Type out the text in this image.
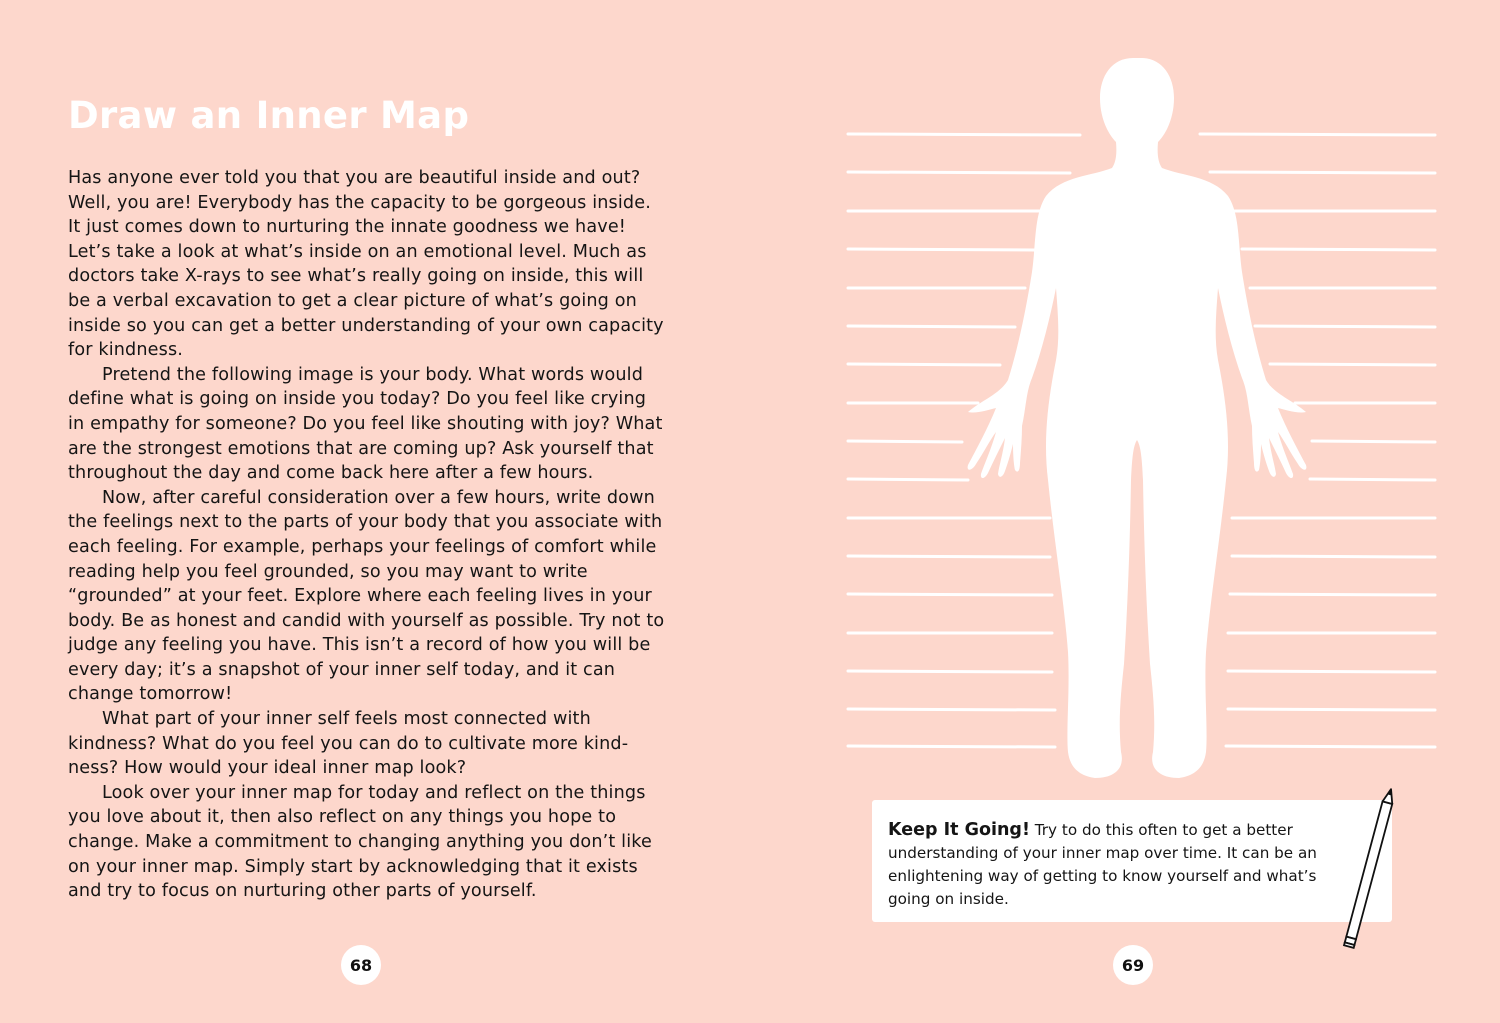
Draw an Inner Map

Has anyone ever told you that you are beautiful inside and out? Well, you are! Everybody has the capacity to be gorgeous inside. It just comes down to nurturing the innate goodness we have! Let’s take a look at what’s inside on an emotional level. Much as doctors take X-rays to see what’s really going on inside, this will be a verbal excavation to get a clear picture of what’s going on inside so you can get a better understanding of your own capacity for kindness.

Pretend the following image is your body. What words would define what is going on inside you today? Do you feel like crying in empathy for someone? Do you feel like shouting with joy? What are the strongest emotions that are coming up? Ask yourself that throughout the day and come back here after a few hours.

Now, after careful consideration over a few hours, write down the feelings next to the parts of your body that you associate with each feeling. For example, perhaps your feelings of comfort while reading help you feel grounded, so you may want to write “grounded” at your feet. Explore where each feeling lives in your body. Be as honest and candid with yourself as possible. Try not to judge any feeling you have. This isn’t a record of how you will be every day; it’s a snapshot of your inner self today, and it can change tomorrow!

What part of your inner self feels most connected with kindness? What do you feel you can do to cultivate more kindness? How would your ideal inner map look?

Look over your inner map for today and reflect on the things you love about it, then also reflect on any things you hope to change. Make a commitment to changing anything you don’t like on your inner map. Simply start by acknowledging that it exists and try to focus on nurturing other parts of yourself.

68
Keep It Going! Try to do this often to get a better understanding of your inner map over time. It can be an enlightening way of getting to know yourself and what’s going on inside.
69
